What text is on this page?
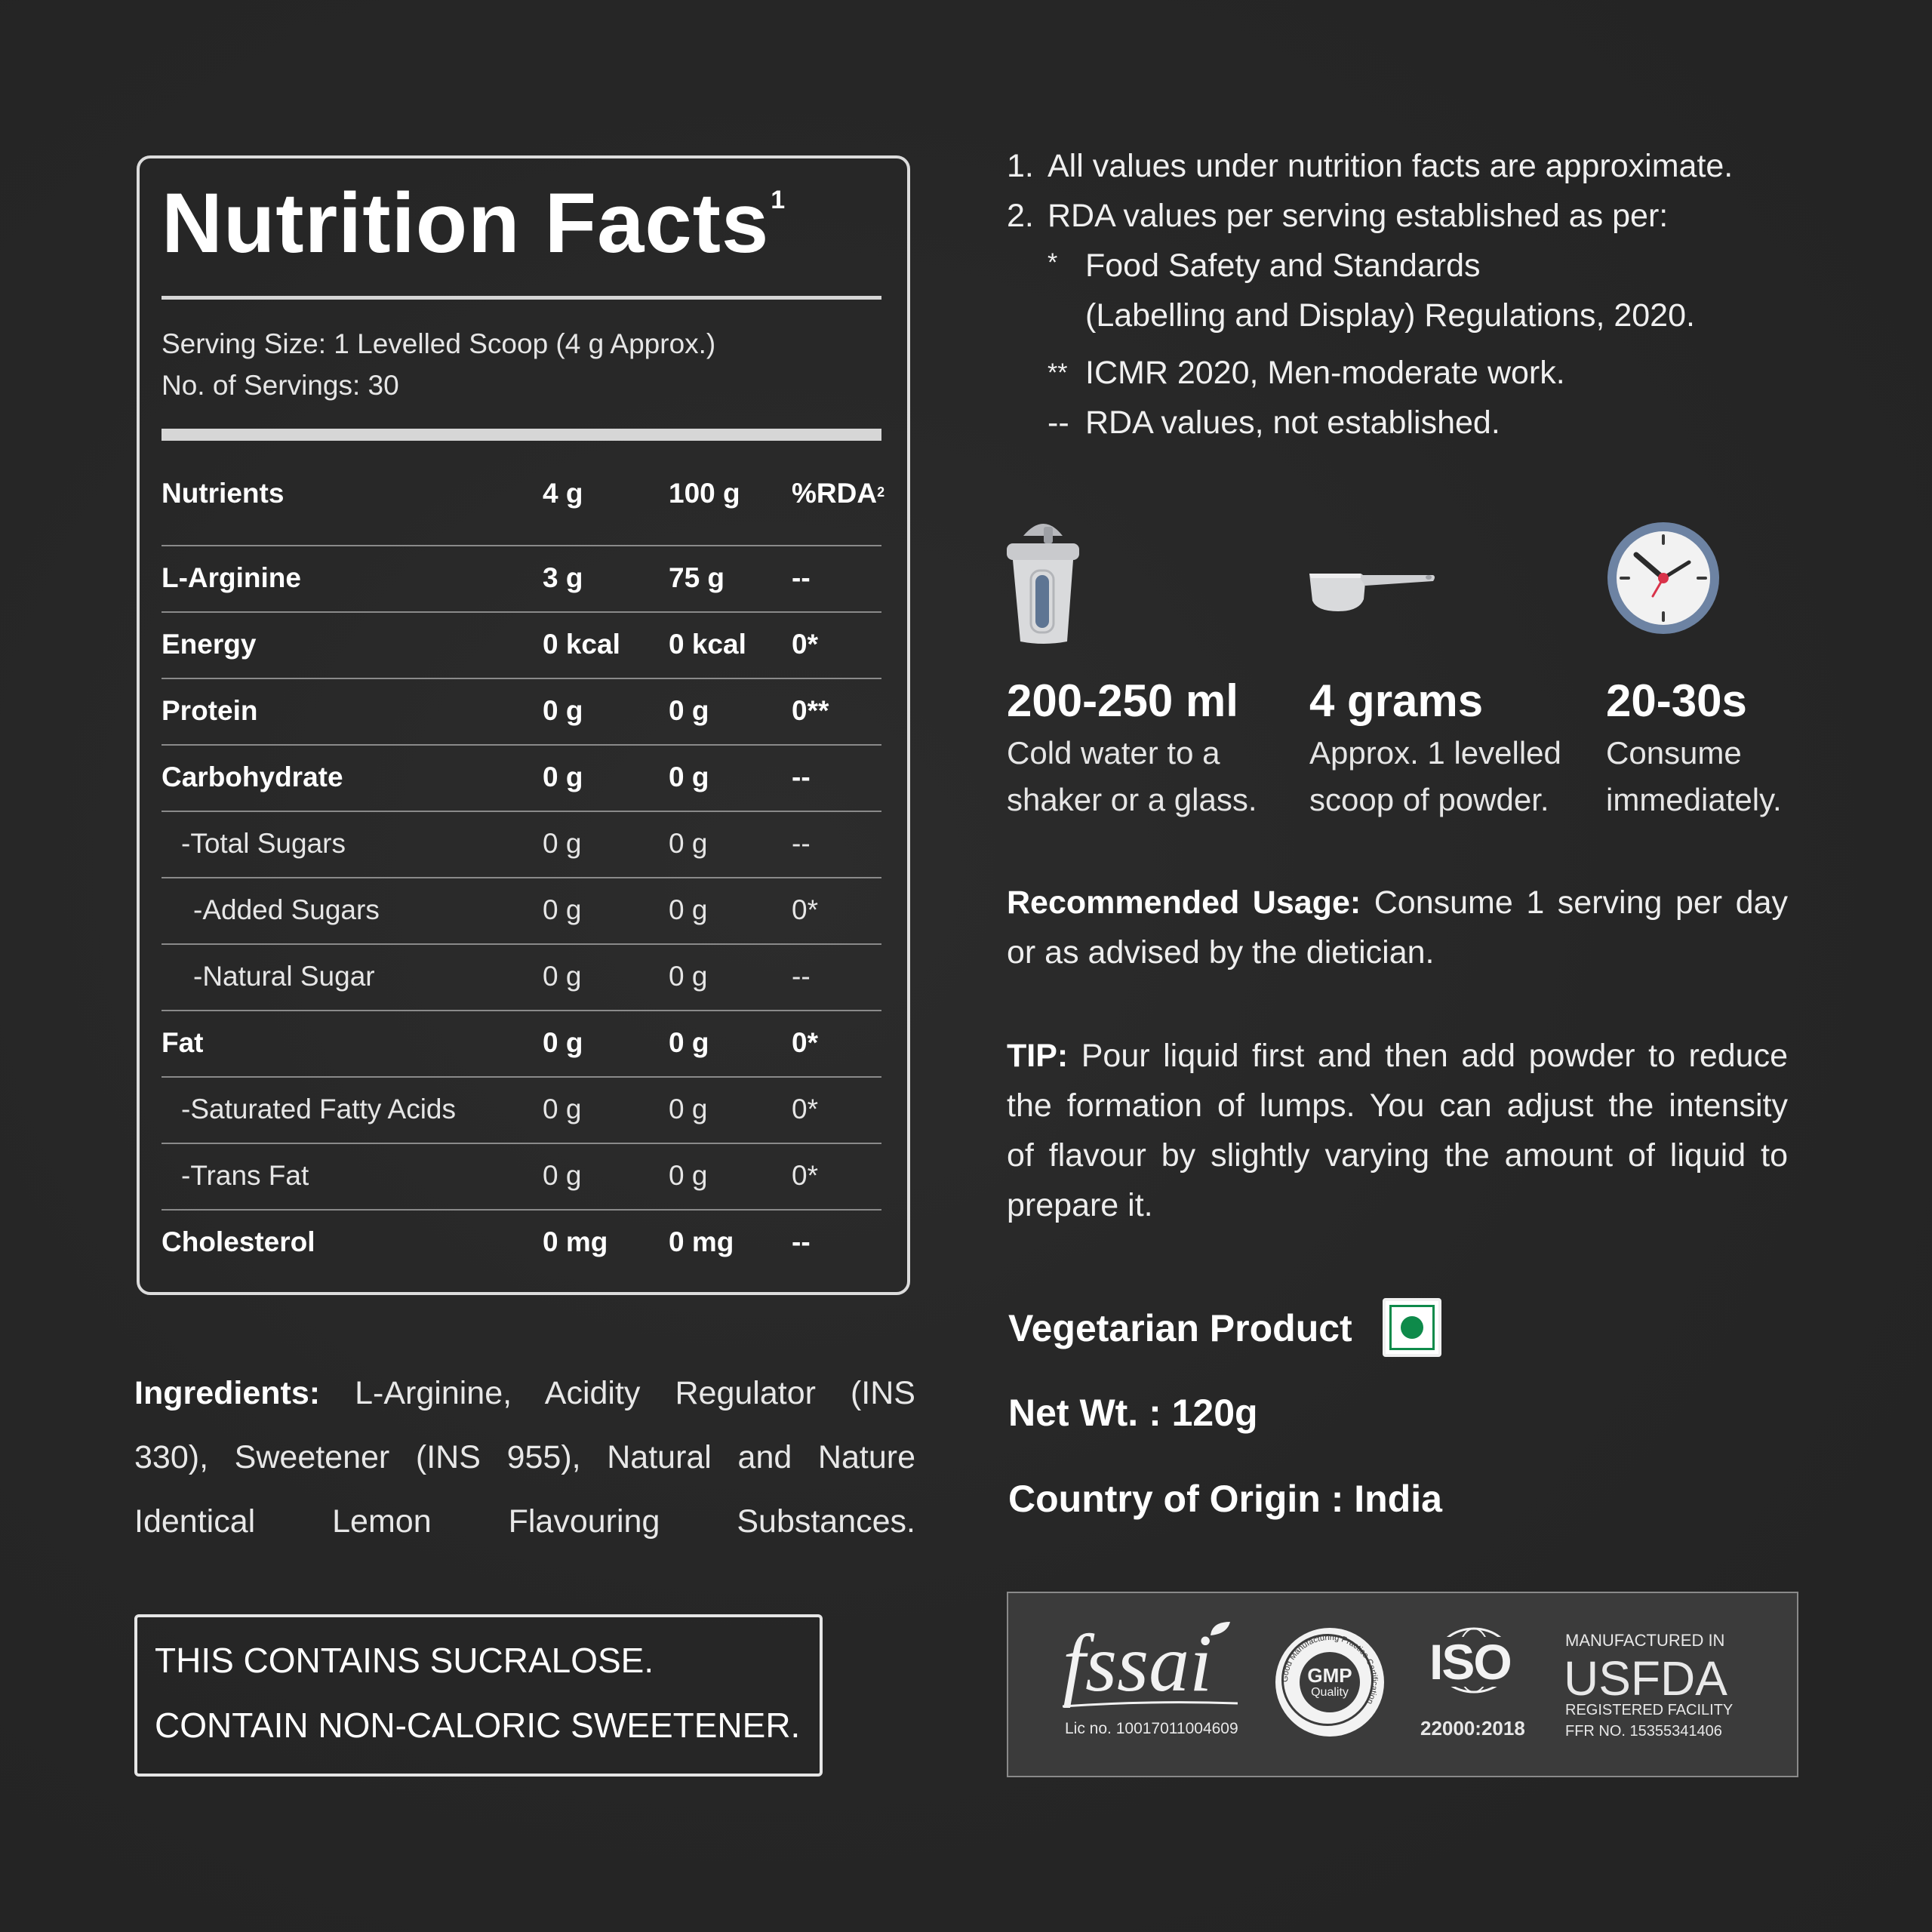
Nutrition Facts$^1$
Serving Size: 1 Levelled Scoop (4 g Approx.)
No. of Servings: 30
Nutrients	4 g	100 g %RDA$^2$
L-Arginine	3 g	75 g --
Energy	0 kcal 0 kcal 0*
Protein	0 g	0 g	0**
Carbohydrate	0 g	0 g	--
-Total Sugars	0 g	0 g	--
-Added Sugars	0 g	0 g	0*
-Natural Sugar	0 g	0 g	--
Fat	0 g	0 g	0*
-Saturated Fatty Acids	0 g	0 g	0*
-Trans Fat	0 g	0 g	0*
Cholesterol	0 mg 0 mg --
Ingredients: L-Arginine, Acidity Regulator (INS
330), Sweetener (INS 955), Natural and Nature
Identical Lemon Flavouring Substances.
THIS CONTAINS SUCRALOSE.
CONTAIN NON-CALORIC SWEETENER.
1. All values under nutrition facts are approximate.
2. RDA values per serving established as per:
* Food Safety and Standards
(Labelling and Display) Regulations, 2020.
** ICMR 2020, Men-moderate work.
-- RDA values, not established.
200-250 ml
Cold water to a
shaker or a glass.
4 grams
Approx. 1 levelled
scoop of powder.
20-30s
Consume
immediately.
Recommended Usage: Consume 1 serving per day
or as advised by the dietician.
TIP: Pour liquid first and then add powder to reduce
the formation of lumps. You can adjust the intensity
of flavour by slightly varying the amount of liquid to
prepare it.
Vegetarian Product
Net Wt. : 120g
Country of Origin : India
fssai
Lic no. 10017011004609
GMP
Quality
Good Manufacturing Practice Certification
ISO
22000:2018
MANUFACTURED IN
USFDA
REGISTERED FACILITY
FFR NO. 15355341406
